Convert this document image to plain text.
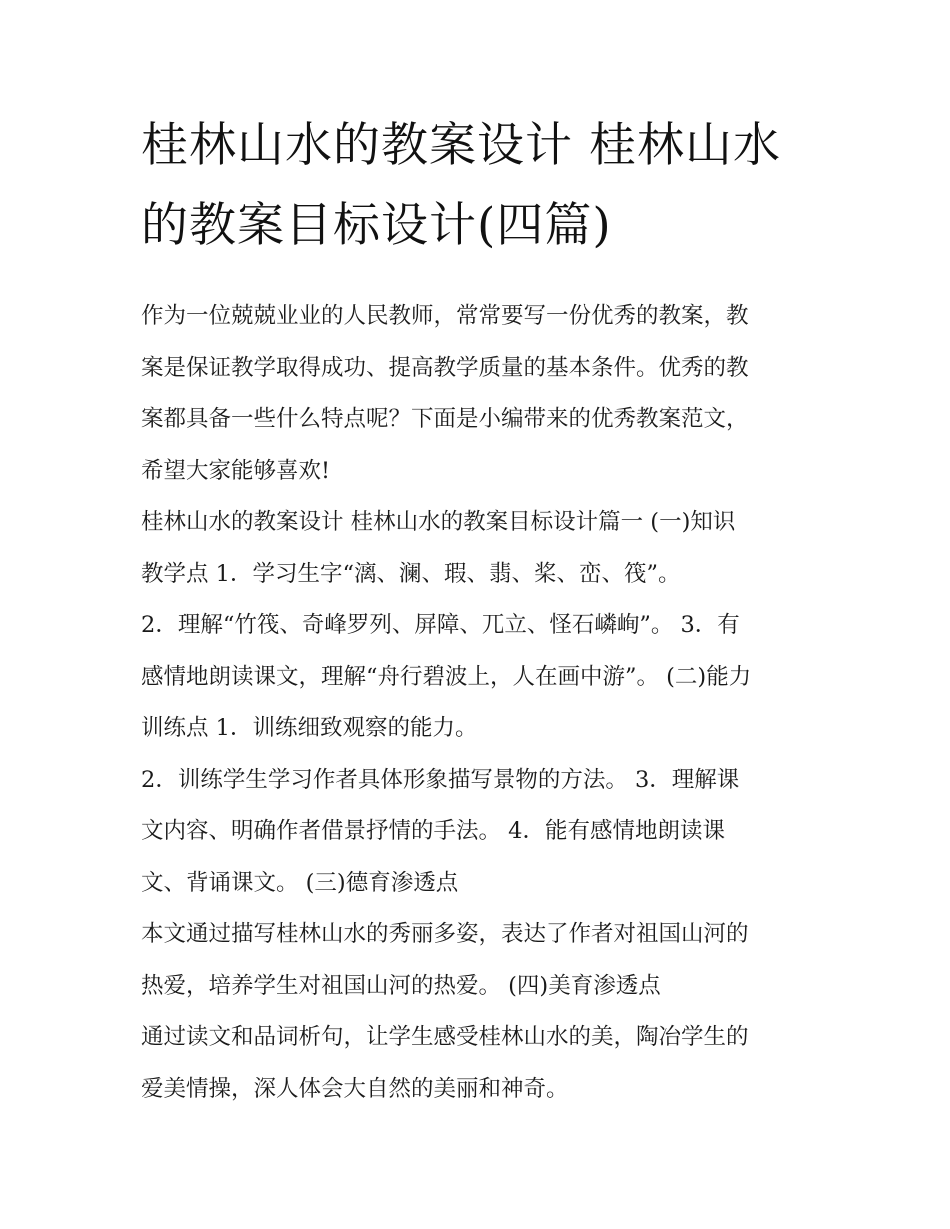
桂林山水的教案设计 桂林山水
的教案目标设计(四篇)
作为一位兢兢业业的人民教师，常常要写一份优秀的教案，教
案是保证教学取得成功、提高教学质量的基本条件。优秀的教
案都具备一些什么特点呢？下面是小编带来的优秀教案范文，
希望大家能够喜欢!
桂林山水的教案设计 桂林山水的教案目标设计篇一 (一)知识
教学点 1．学习生字“漓、澜、瑕、翡、桨、峦、筏”。
2．理解“竹筏、奇峰罗列、屏障、兀立、怪石嶙峋”。 3．有
感情地朗读课文，理解“舟行碧波上，人在画中游”。 (二)能力
训练点 1．训练细致观察的能力。
2．训练学生学习作者具体形象描写景物的方法。 3．理解课
文内容、明确作者借景抒情的手法。 4．能有感情地朗读课
文、背诵课文。 (三)德育渗透点
本文通过描写桂林山水的秀丽多姿，表达了作者对祖国山河的
热爱，培养学生对祖国山河的热爱。 (四)美育渗透点
通过读文和品词析句，让学生感受桂林山水的美，陶冶学生的
爱美情操，深人体会大自然的美丽和神奇。
